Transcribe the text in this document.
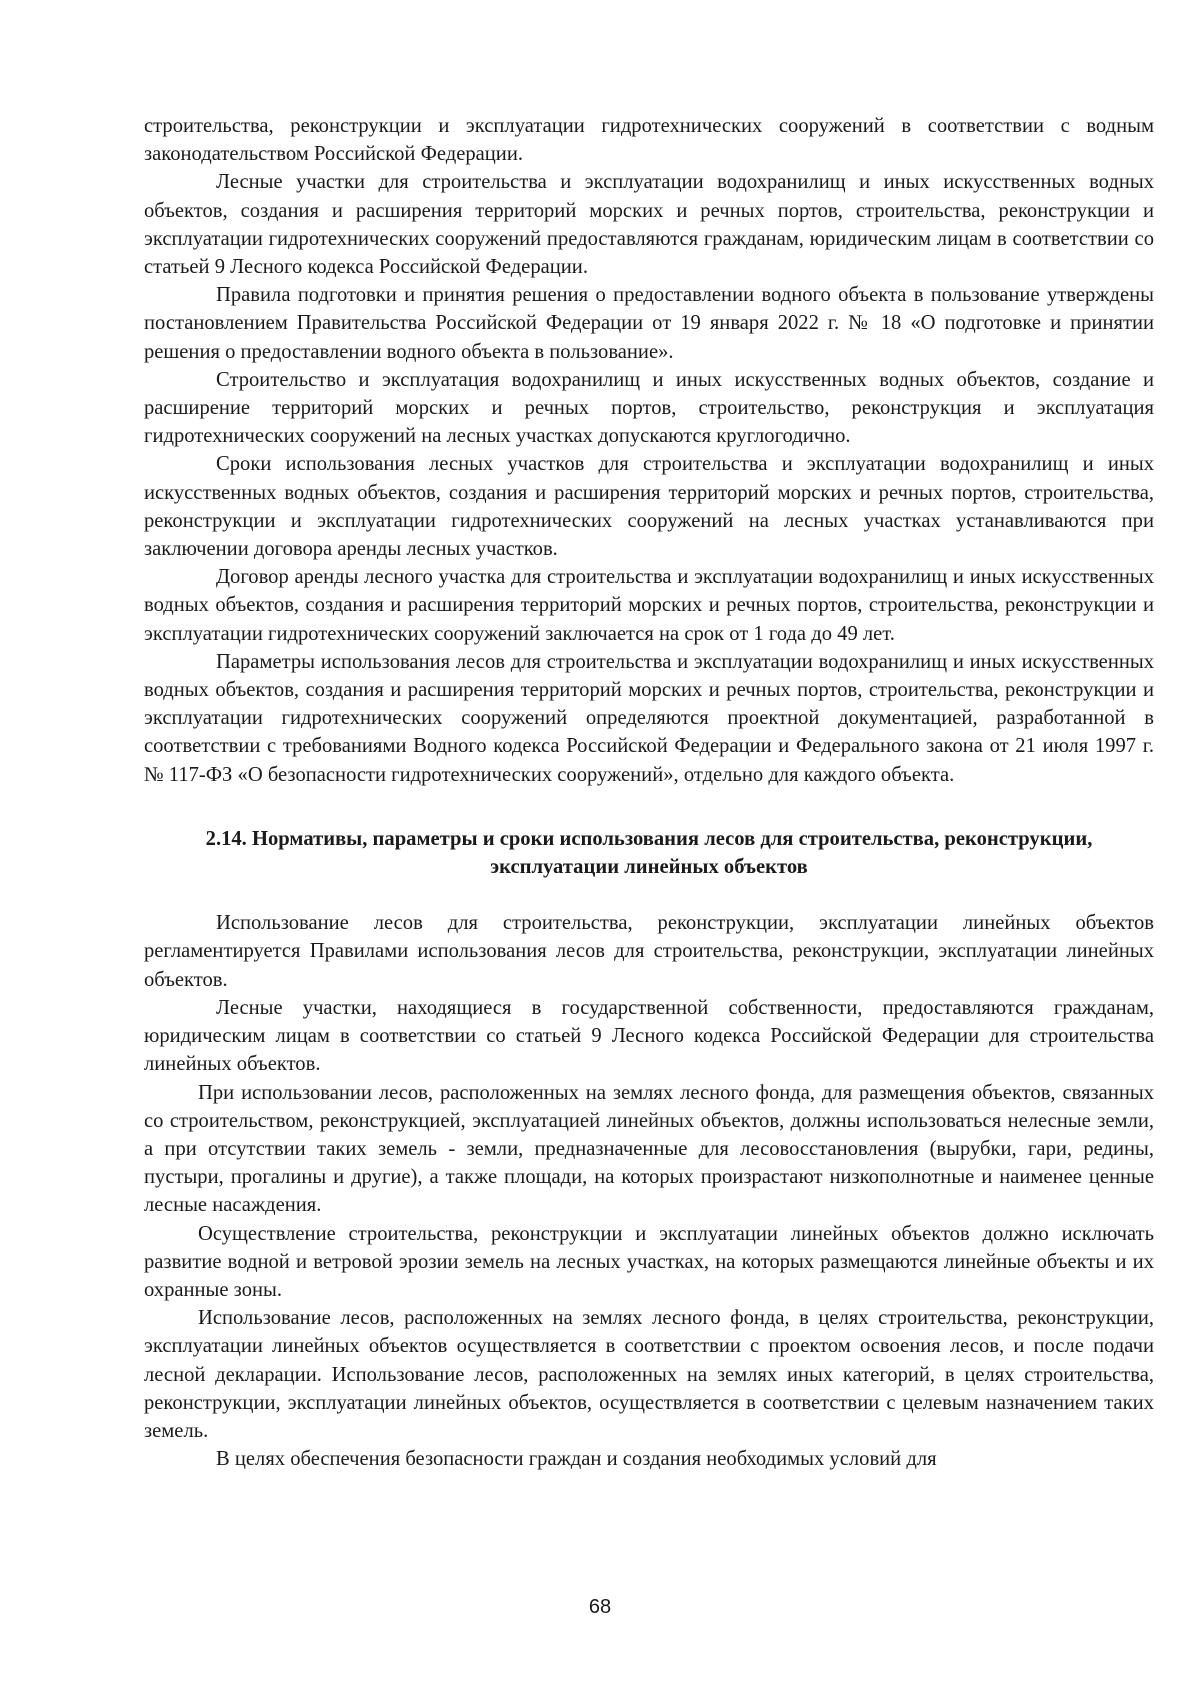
строительства, реконструкции и эксплуатации гидротехнических сооружений в соответствии с водным законодательством Российской Федерации.

Лесные участки для строительства и эксплуатации водохранилищ и иных искусственных водных объектов, создания и расширения территорий морских и речных портов, строительства, реконструкции и эксплуатации гидротехнических сооружений предоставляются гражданам, юридическим лицам в соответствии со статьей 9 Лесного кодекса Российской Федерации.

Правила подготовки и принятия решения о предоставлении водного объекта в пользование утверждены постановлением Правительства Российской Федерации от 19 января 2022 г. № 18 «О подготовке и принятии решения о предоставлении водного объекта в пользование».

Строительство и эксплуатация водохранилищ и иных искусственных водных объектов, создание и расширение территорий морских и речных портов, строительство, реконструкция и эксплуатация гидротехнических сооружений на лесных участках допускаются круглогодично.

Сроки использования лесных участков для строительства и эксплуатации водохранилищ и иных искусственных водных объектов, создания и расширения территорий морских и речных портов, строительства, реконструкции и эксплуатации гидротехнических сооружений на лесных участках устанавливаются при заключении договора аренды лесных участков.

Договор аренды лесного участка для строительства и эксплуатации водохранилищ и иных искусственных водных объектов, создания и расширения территорий морских и речных портов, строительства, реконструкции и эксплуатации гидротехнических сооружений заключается на срок от 1 года до 49 лет.

Параметры использования лесов для строительства и эксплуатации водохранилищ и иных искусственных водных объектов, создания и расширения территорий морских и речных портов, строительства, реконструкции и эксплуатации гидротехнических сооружений определяются проектной документацией, разработанной в соответствии с требованиями Водного кодекса Российской Федерации и Федерального закона от 21 июля 1997 г. № 117-ФЗ «О безопасности гидротехнических сооружений», отдельно для каждого объекта.

2.14. Нормативы, параметры и сроки использования лесов для строительства, реконструкции, эксплуатации линейных объектов

Использование лесов для строительства, реконструкции, эксплуатации линейных объектов регламентируется Правилами использования лесов для строительства, реконструкции, эксплуатации линейных объектов.

Лесные участки, находящиеся в государственной собственности, предоставляются гражданам, юридическим лицам в соответствии со статьей 9 Лесного кодекса Российской Федерации для строительства линейных объектов.

При использовании лесов, расположенных на землях лесного фонда, для размещения объектов, связанных со строительством, реконструкцией, эксплуатацией линейных объектов, должны использоваться нелесные земли, а при отсутствии таких земель - земли, предназначенные для лесовосстановления (вырубки, гари, редины, пустыри, прогалины и другие), а также площади, на которых произрастают низкополнотные и наименее ценные лесные насаждения.

Осуществление строительства, реконструкции и эксплуатации линейных объектов должно исключать развитие водной и ветровой эрозии земель на лесных участках, на которых размещаются линейные объекты и их охранные зоны.

Использование лесов, расположенных на землях лесного фонда, в целях строительства, реконструкции, эксплуатации линейных объектов осуществляется в соответствии с проектом освоения лесов, и после подачи лесной декларации. Использование лесов, расположенных на землях иных категорий, в целях строительства, реконструкции, эксплуатации линейных объектов, осуществляется в соответствии с целевым назначением таких земель.

В целях обеспечения безопасности граждан и создания необходимых условий для

68
